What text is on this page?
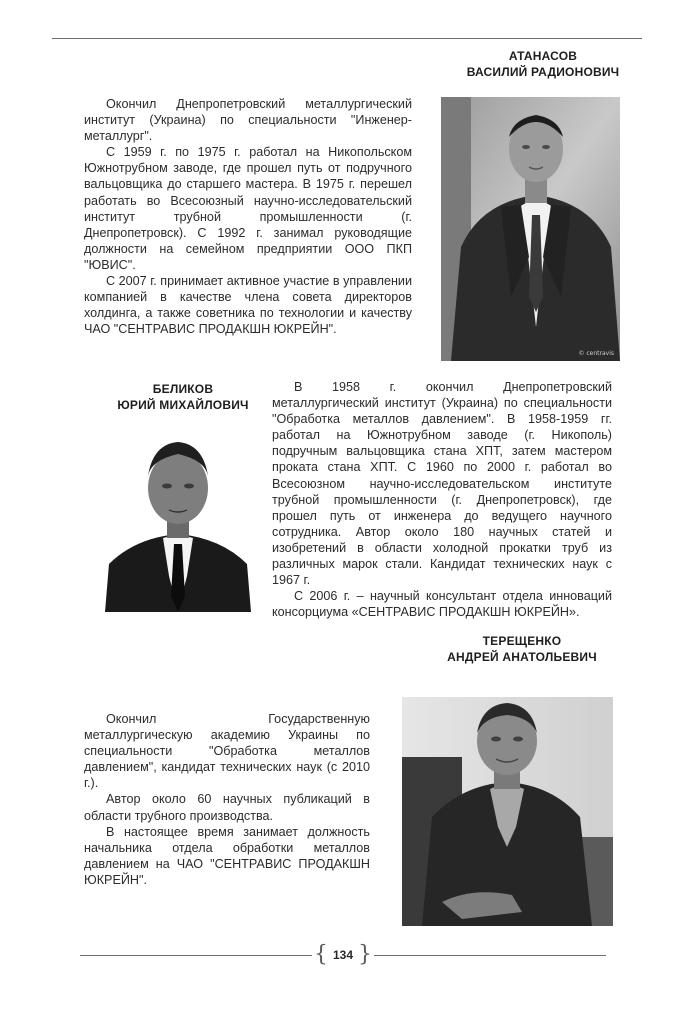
АТАНАСОВ
ВАСИЛИЙ РАДИОНОВИЧ

Окончил Днепропетровский металлургический институт (Украина) по специальности "Инженер-металлург".

С 1959 г. по 1975 г. работал на Никопольском Южнотрубном заводе, где прошел путь от подручного вальцовщика до старшего мастера. В 1975 г. перешел работать во Всесоюзный научно-исследовательский институт трубной промышленности (г. Днепропетровск). С 1992 г. занимал руководящие должности на семейном предприятии ООО ПКП "ЮВИС".

С 2007 г. принимает активное участие в управлении компанией в качестве члена совета директоров холдинга, а также советника по технологии и качеству ЧАО "СЕНТРАВИС ПРОДАКШН ЮКРЕЙН".

© centravis
БЕЛИКОВ
ЮРИЙ МИХАЙЛОВИЧ

В 1958 г. окончил Днепропетровский металлургический институт (Украина) по специальности "Обработка металлов давлением". В 1958-1959 гг. работал на Южнотрубном заводе (г. Никополь) подручным вальцовщика стана ХПТ, затем мастером проката стана ХПТ. С 1960 по 2000 г. работал во Всесоюзном научно-исследовательском институте трубной промышленности (г. Днепропетровск), где прошел путь от инженера до ведущего научного сотрудника. Автор около 180 научных статей и изобретений в области холодной прокатки труб из различных марок стали. Кандидат технических наук с 1967 г.

С 2006 г. – научный консультант отдела инноваций консорциума «СЕНТРАВИС ПРОДАКШН ЮКРЕЙН».

ТЕРЕЩЕНКО
АНДРЕЙ АНАТОЛЬЕВИЧ

Окончил Государственную металлургическую академию Украины по специальности "Обработка металлов давлением", кандидат технических наук (с 2010 г.).

Автор около 60 научных публикаций в области трубного производства.

В настоящее время занимает должность начальника отдела обработки металлов давлением на ЧАО "СЕНТРАВИС ПРОДАКШН ЮКРЕЙН".

{ 134 }
